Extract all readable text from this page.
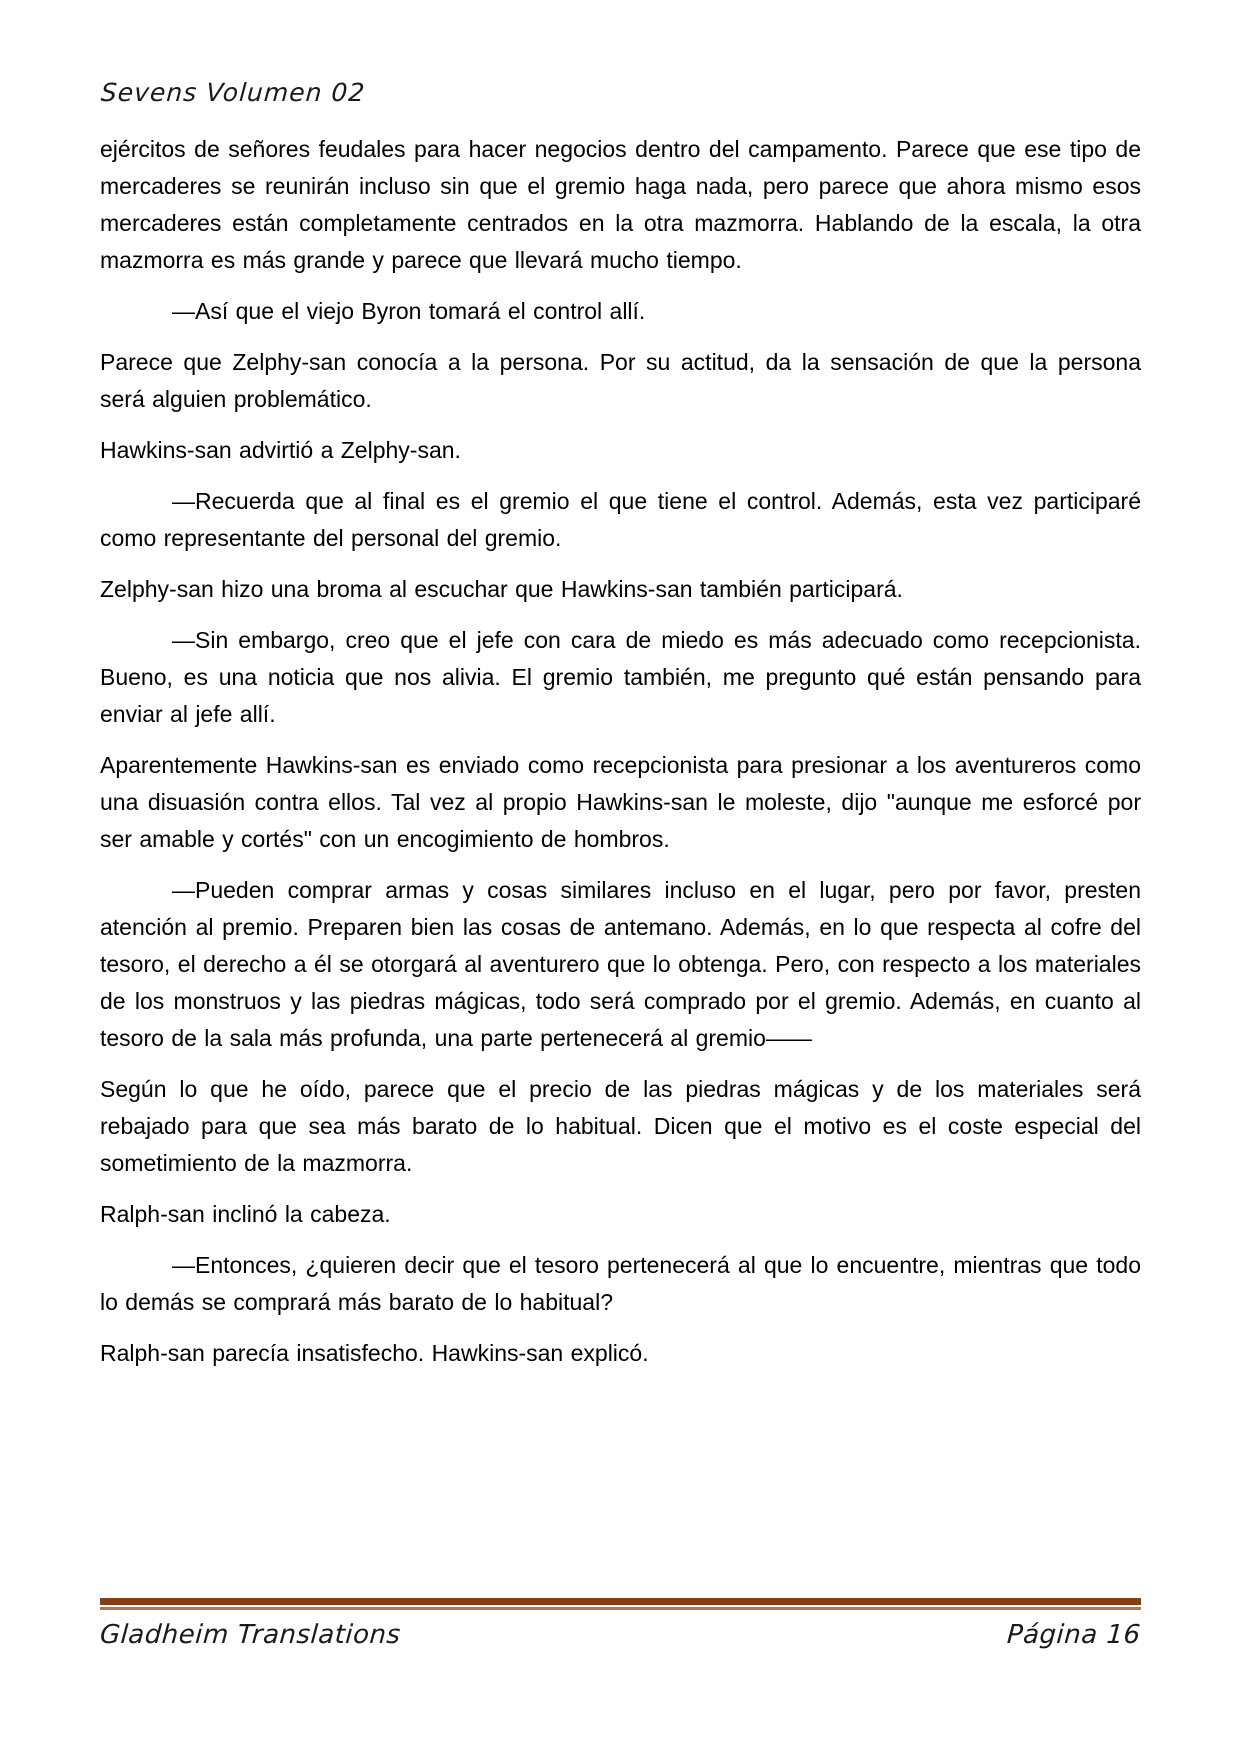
Sevens Volumen 02

ejércitos de señores feudales para hacer negocios dentro del campamento. Parece que ese tipo de mercaderes se reunirán incluso sin que el gremio haga nada, pero parece que ahora mismo esos mercaderes están completamente centrados en la otra mazmorra. Hablando de la escala, la otra mazmorra es más grande y parece que llevará mucho tiempo.

—Así que el viejo Byron tomará el control allí.

Parece que Zelphy-san conocía a la persona. Por su actitud, da la sensación de que la persona será alguien problemático.

Hawkins-san advirtió a Zelphy-san.

—Recuerda que al final es el gremio el que tiene el control. Además, esta vez participaré como representante del personal del gremio.

Zelphy-san hizo una broma al escuchar que Hawkins-san también participará.

—Sin embargo, creo que el jefe con cara de miedo es más adecuado como recepcionista. Bueno, es una noticia que nos alivia. El gremio también, me pregunto qué están pensando para enviar al jefe allí.

Aparentemente Hawkins-san es enviado como recepcionista para presionar a los aventureros como una disuasión contra ellos. Tal vez al propio Hawkins-san le moleste, dijo "aunque me esforcé por ser amable y cortés" con un encogimiento de hombros.

—Pueden comprar armas y cosas similares incluso en el lugar, pero por favor, presten atención al premio. Preparen bien las cosas de antemano. Además, en lo que respecta al cofre del tesoro, el derecho a él se otorgará al aventurero que lo obtenga. Pero, con respecto a los materiales de los monstruos y las piedras mágicas, todo será comprado por el gremio. Además, en cuanto al tesoro de la sala más profunda, una parte pertenecerá al gremio——

Según lo que he oído, parece que el precio de las piedras mágicas y de los materiales será rebajado para que sea más barato de lo habitual. Dicen que el motivo es el coste especial del sometimiento de la mazmorra.

Ralph-san inclinó la cabeza.

—Entonces, ¿quieren decir que el tesoro pertenecerá al que lo encuentre, mientras que todo lo demás se comprará más barato de lo habitual?

Ralph-san parecía insatisfecho. Hawkins-san explicó.

Gladheim Translations	Página 16
